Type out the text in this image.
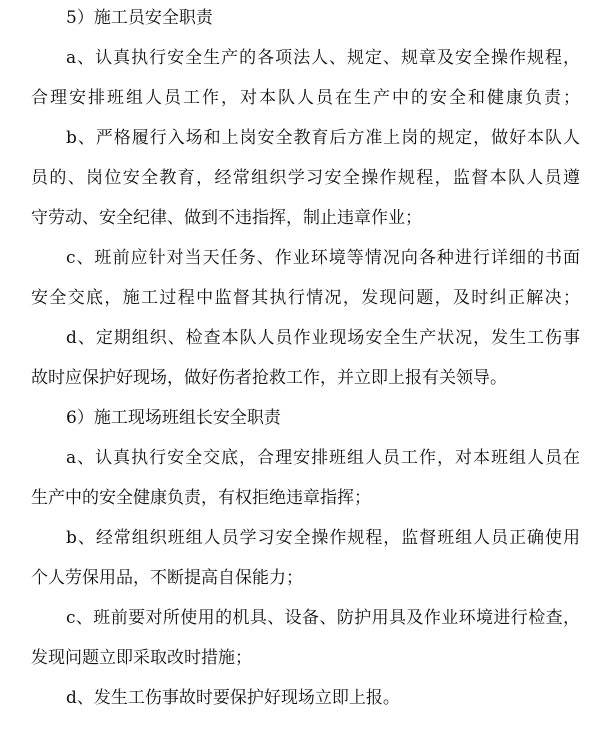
5）施工员安全职责
a、认真执行安全生产的各项法人、规定、规章及安全操作规程，
合理安排班组人员工作，对本队人员在生产中的安全和健康负责；
b、严格履行入场和上岗安全教育后方准上岗的规定，做好本队人
员的、岗位安全教育，经常组织学习安全操作规程，监督本队人员遵
守劳动、安全纪律、做到不违指挥，制止违章作业；
c、班前应针对当天任务、作业环境等情况向各种进行详细的书面
安全交底，施工过程中监督其执行情况，发现问题，及时纠正解决；
d、定期组织、检查本队人员作业现场安全生产状况，发生工伤事
故时应保护好现场，做好伤者抢救工作，并立即上报有关领导。
6）施工现场班组长安全职责
a、认真执行安全交底，合理安排班组人员工作，对本班组人员在
生产中的安全健康负责，有权拒绝违章指挥；
b、经常组织班组人员学习安全操作规程，监督班组人员正确使用
个人劳保用品，不断提高自保能力；
c、班前要对所使用的机具、设备、防护用具及作业环境进行检查，
发现问题立即采取改时措施；
d、发生工伤事故时要保护好现场立即上报。
